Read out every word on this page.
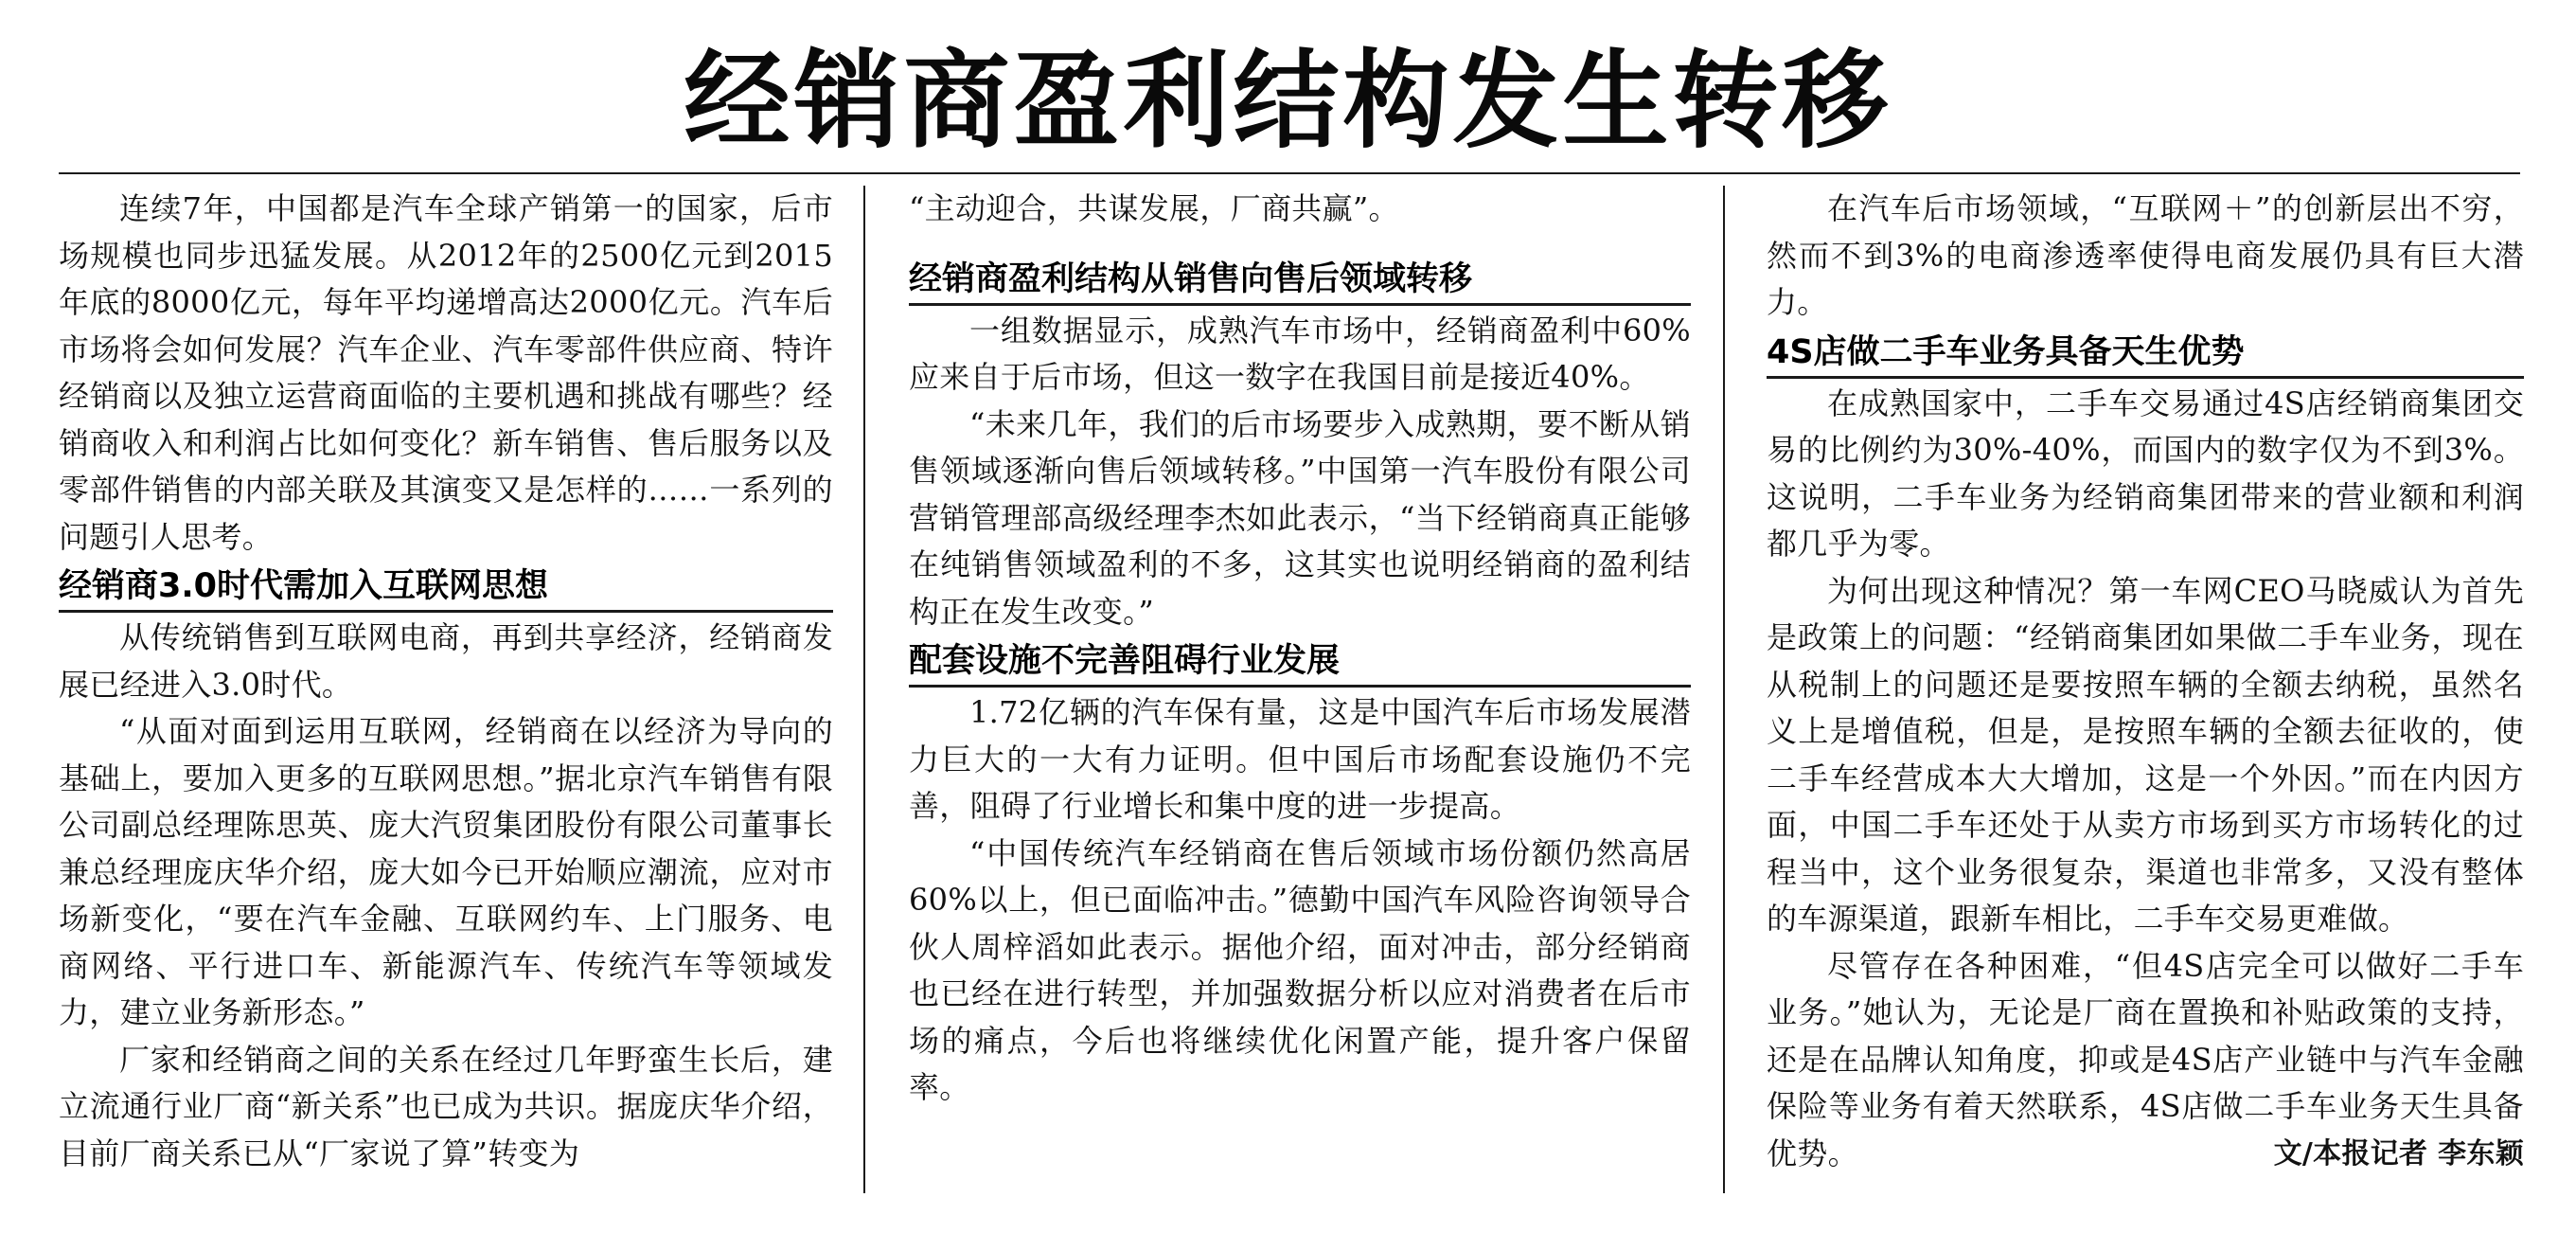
经销商盈利结构发生转移

连续7年，中国都是汽车全球产销第一的国家，后市场规模也同步迅猛发展。从2012年的2500亿元到2015年底的8000亿元，每年平均递增高达2000亿元。汽车后市场将会如何发展？汽车企业、汽车零部件供应商、特许经销商以及独立运营商面临的主要机遇和挑战有哪些？经销商收入和利润占比如何变化？新车销售、售后服务以及零部件销售的内部关联及其演变又是怎样的……一系列的问题引人思考。

经销商3.0时代需加入互联网思想

从传统销售到互联网电商，再到共享经济，经销商发展已经进入3.0时代。

“从面对面到运用互联网，经销商在以经济为导向的基础上，要加入更多的互联网思想。”据北京汽车销售有限公司副总经理陈思英、庞大汽贸集团股份有限公司董事长兼总经理庞庆华介绍，庞大如今已开始顺应潮流，应对市场新变化，“要在汽车金融、互联网约车、上门服务、电商网络、平行进口车、新能源汽车、传统汽车等领域发力，建立业务新形态。”

厂家和经销商之间的关系在经过几年野蛮生长后，建立流通行业厂商“新关系”也已成为共识。据庞庆华介绍，目前厂商关系已从“厂家说了算”转变为

“主动迎合，共谋发展，厂商共赢”。

经销商盈利结构从销售向售后领域转移

一组数据显示，成熟汽车市场中，经销商盈利中60%应来自于后市场，但这一数字在我国目前是接近40%。

“未来几年，我们的后市场要步入成熟期，要不断从销售领域逐渐向售后领域转移。”中国第一汽车股份有限公司营销管理部高级经理李杰如此表示，“当下经销商真正能够在纯销售领域盈利的不多，这其实也说明经销商的盈利结构正在发生改变。”

配套设施不完善阻碍行业发展

1.72亿辆的汽车保有量，这是中国汽车后市场发展潜力巨大的一大有力证明。但中国后市场配套设施仍不完善，阻碍了行业增长和集中度的进一步提高。

“中国传统汽车经销商在售后领域市场份额仍然高居60%以上，但已面临冲击。”德勤中国汽车风险咨询领导合伙人周梓滔如此表示。据他介绍，面对冲击，部分经销商也已经在进行转型，并加强数据分析以应对消费者在后市场的痛点，今后也将继续优化闲置产能，提升客户保留率。

在汽车后市场领域，“互联网＋”的创新层出不穷，然而不到3%的电商渗透率使得电商发展仍具有巨大潜力。

4S店做二手车业务具备天生优势

在成熟国家中，二手车交易通过4S店经销商集团交易的比例约为30%-40%，而国内的数字仅为不到3%。这说明，二手车业务为经销商集团带来的营业额和利润都几乎为零。

为何出现这种情况？第一车网CEO马晓威认为首先是政策上的问题：“经销商集团如果做二手车业务，现在从税制上的问题还是要按照车辆的全额去纳税，虽然名义上是增值税，但是，是按照车辆的全额去征收的，使二手车经营成本大大增加，这是一个外因。”而在内因方面，中国二手车还处于从卖方市场到买方市场转化的过程当中，这个业务很复杂，渠道也非常多，又没有整体的车源渠道，跟新车相比，二手车交易更难做。

尽管存在各种困难，“但4S店完全可以做好二手车业务。”她认为，无论是厂商在置换和补贴政策的支持，还是在品牌认知角度，抑或是4S店产业链中与汽车金融保险等业务有着天然联系，4S店做二手车业务天生具备优势。	文/本报记者 李东颖
